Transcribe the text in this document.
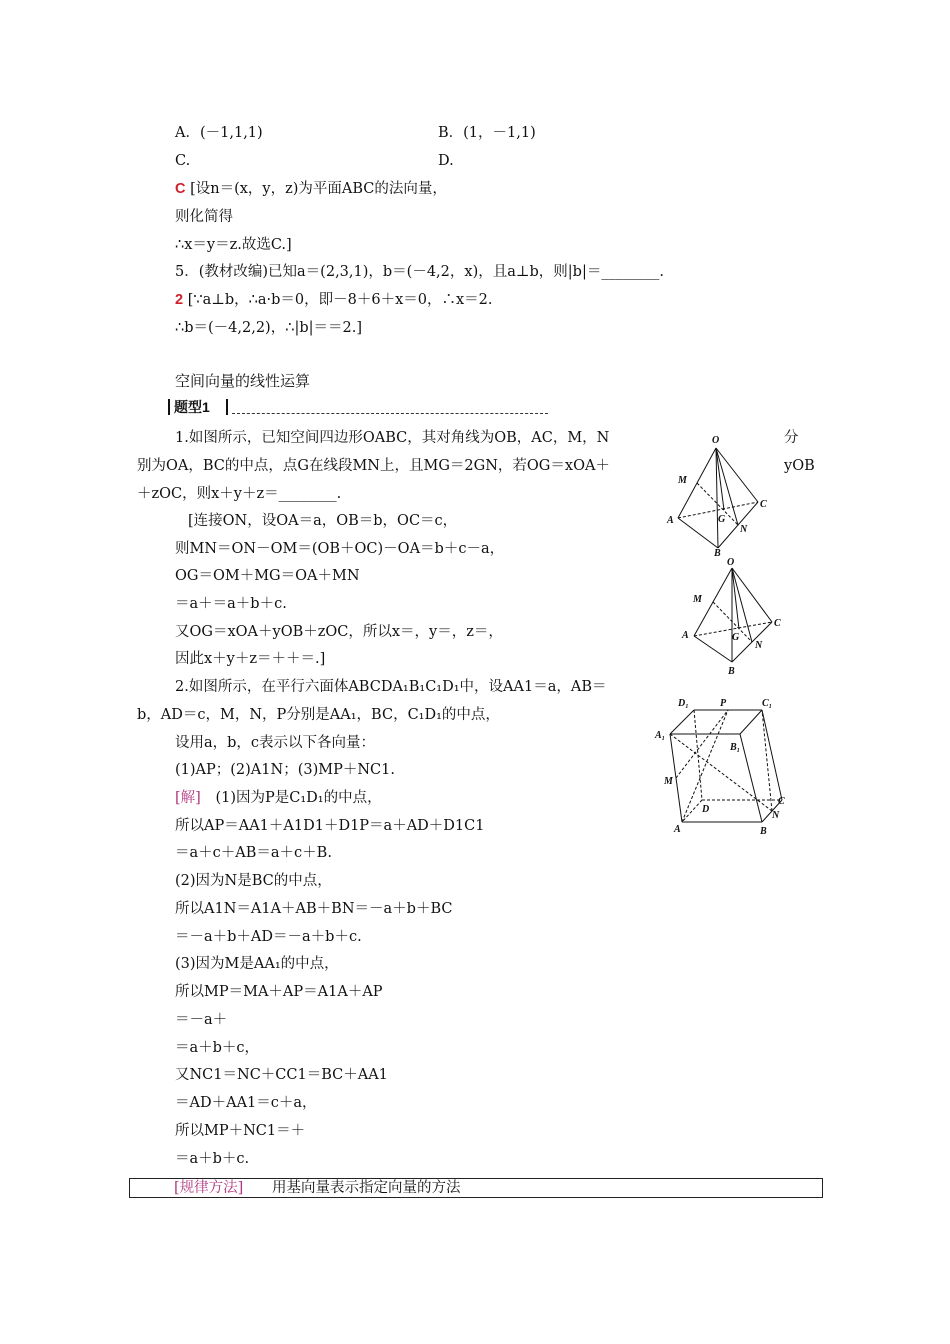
A．(－1,1,1)	B．(1，－1,1)
C.	D.
C [设n＝(x，y，z)为平面ABC的法向量，
则化简得
∴x＝y＝z.故选C.]
5．(教材改编)已知a＝(2,3,1)，b＝(－4,2，x)，且a⊥b，则|b|＝________.
2 [∵a⊥b，∴a·b＝0，即－8＋6＋x＝0，∴x＝2.
∴b＝(－4,2,2)，∴|b|＝＝2.]
空间向量的线性运算
题型1
1.如图所示，已知空间四边形OABC，其对角线为OB，AC，M，N	分
别为OA，BC的中点，点G在线段MN上，且MG＝2GN，若OG＝xOA＋	yOB
＋zOC，则x＋y＋z＝________.
[连接ON，设OA＝a，OB＝b，OC＝c，
则MN＝ON－OM＝(OB＋OC)－OA＝b＋c－a，
OG＝OM＋MG＝OA＋MN
＝a＋＝a＋b＋c.
又OG＝xOA＋yOB＋zOC，所以x＝，y＝，z＝，
因此x＋y＋z＝＋＋＝.]
2.如图所示，在平行六面体ABCDA₁B₁C₁D₁中，设AA1＝a，AB＝
b，AD＝c，M，N，P分别是AA₁，BC，C₁D₁的中点，
设用a，b，c表示以下各向量：
(1)AP；(2)A1N；(3)MP＋NC1.
[解] (1)因为P是C₁D₁的中点，
所以AP＝AA1＋A1D1＋D1P＝a＋AD＋D1C1
＝a＋c＋AB＝a＋c＋B.
(2)因为N是BC的中点，
所以A1N＝A1A＋AB＋BN＝－a＋b＋BC
＝－a＋b＋AD＝－a＋b＋c.
(3)因为M是AA₁的中点，
所以MP＝MA＋AP＝A1A＋AP
＝－a＋
＝a＋b＋c，
又NC1＝NC＋CC1＝BC＋AA1
＝AD＋AA1＝c＋a，
所以MP＋NC1＝＋
＝a＋b＋c.
[规律方法] 用基向量表示指定向量的方法
O
M
A	G
N
C
B
O
M
A	G
N
C
B
D₁	P	C₁
A₁
B₁
M
D
C
N
A	B
